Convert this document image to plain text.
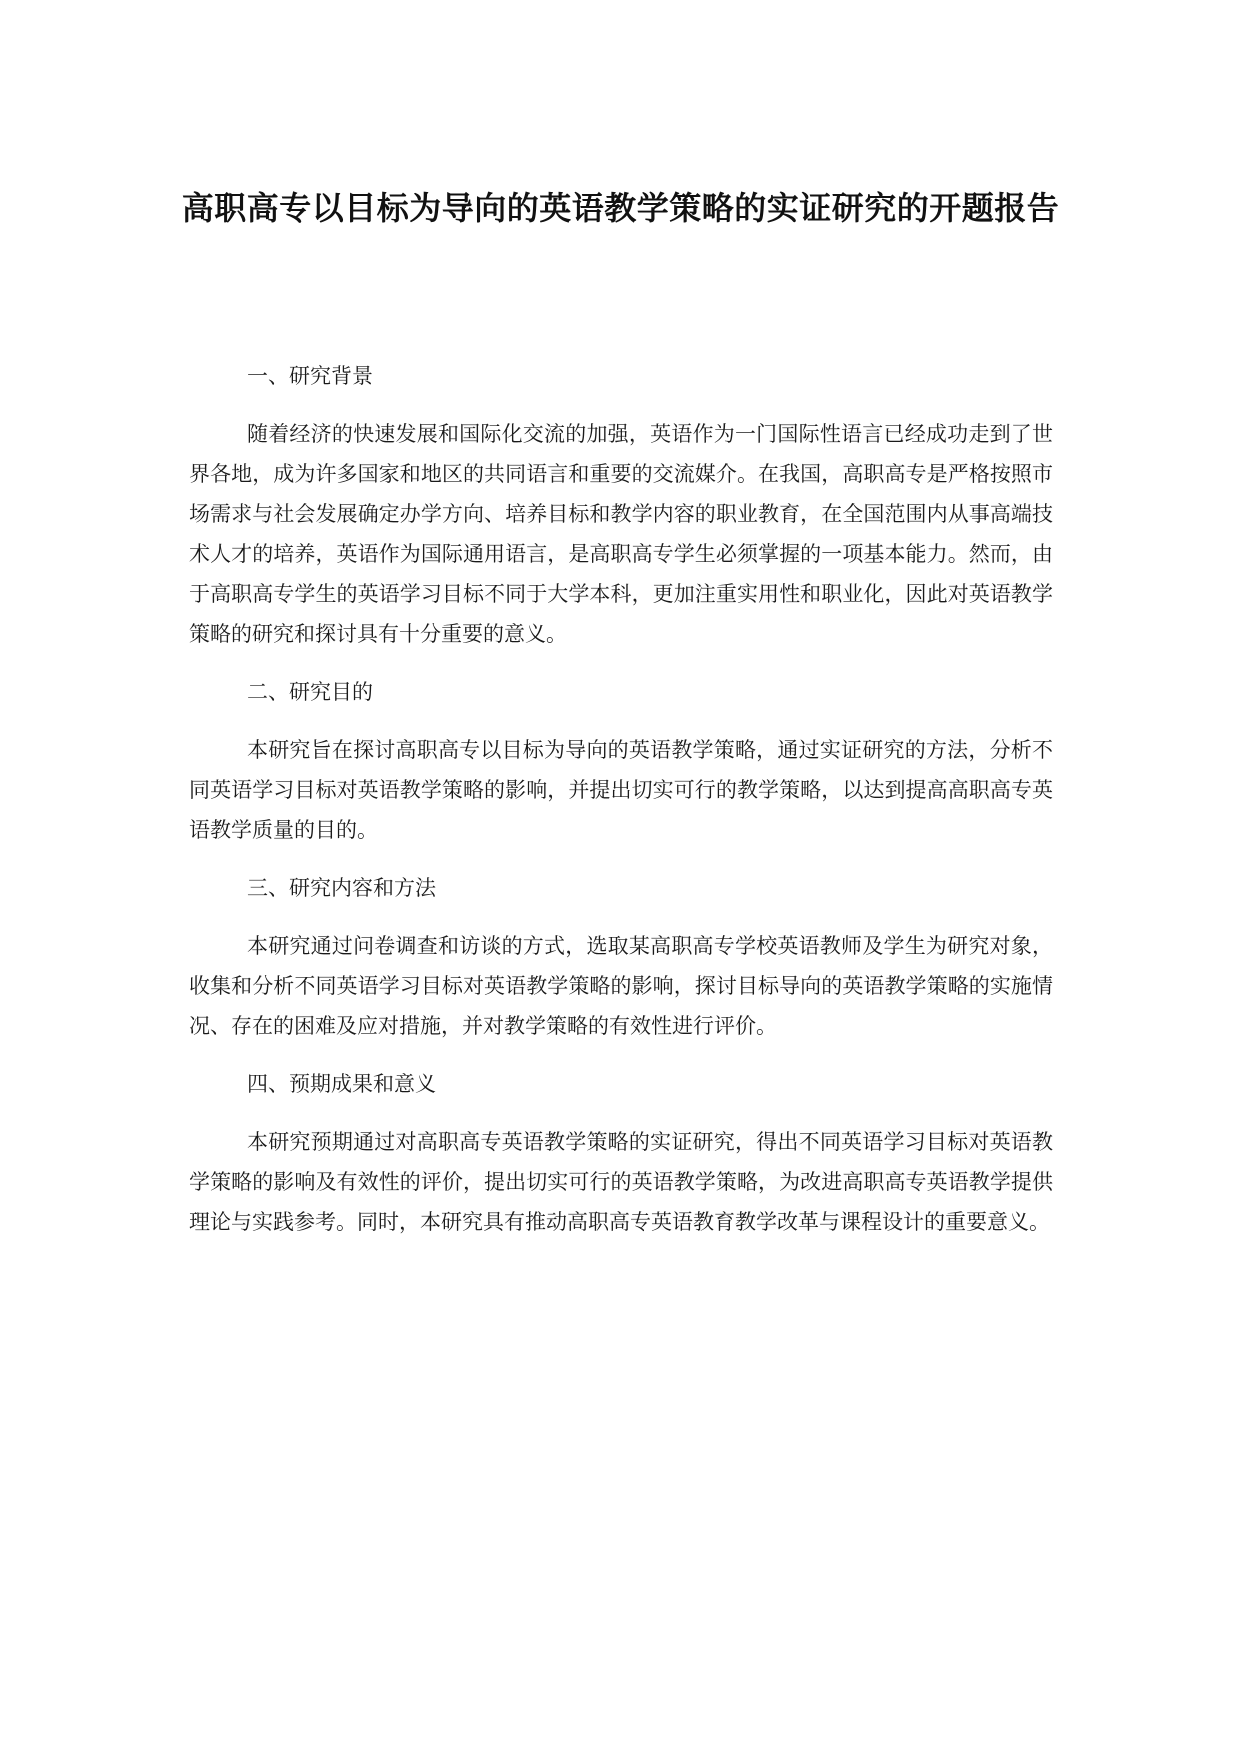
高职高专以目标为导向的英语教学策略的实证研究的开题报告
一、研究背景

随着经济的快速发展和国际化交流的加强，英语作为一门国际性语言已经成功走到了世界各地，成为许多国家和地区的共同语言和重要的交流媒介。在我国，高职高专是严格按照市场需求与社会发展确定办学方向、培养目标和教学内容的职业教育，在全国范围内从事高端技术人才的培养，英语作为国际通用语言，是高职高专学生必须掌握的一项基本能力。然而，由于高职高专学生的英语学习目标不同于大学本科，更加注重实用性和职业化，因此对英语教学策略的研究和探讨具有十分重要的意义。

二、研究目的

本研究旨在探讨高职高专以目标为导向的英语教学策略，通过实证研究的方法，分析不同英语学习目标对英语教学策略的影响，并提出切实可行的教学策略，以达到提高高职高专英语教学质量的目的。

三、研究内容和方法

本研究通过问卷调查和访谈的方式，选取某高职高专学校英语教师及学生为研究对象，收集和分析不同英语学习目标对英语教学策略的影响，探讨目标导向的英语教学策略的实施情况、存在的困难及应对措施，并对教学策略的有效性进行评价。

四、预期成果和意义

本研究预期通过对高职高专英语教学策略的实证研究，得出不同英语学习目标对英语教学策略的影响及有效性的评价，提出切实可行的英语教学策略，为改进高职高专英语教学提供理论与实践参考。同时，本研究具有推动高职高专英语教育教学改革与课程设计的重要意义。
